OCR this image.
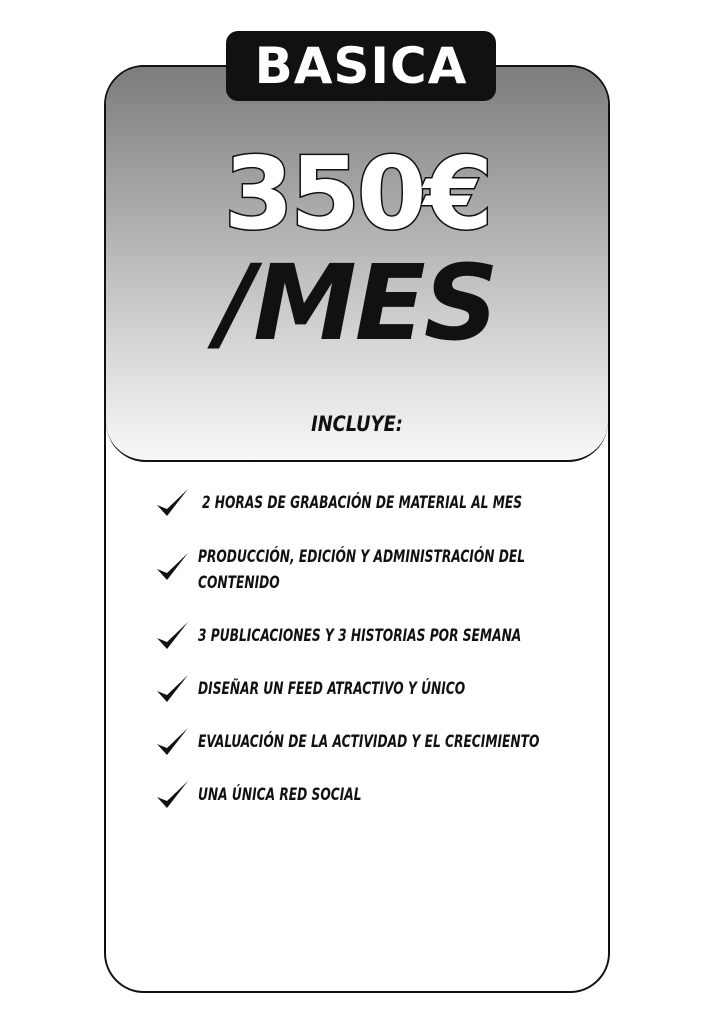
BASICA
350€
/MES
INCLUYE:
2 HORAS DE GRABACIÓN DE MATERIAL AL MES
PRODUCCIÓN, EDICIÓN Y ADMINISTRACIÓN DEL
CONTENIDO
3 PUBLICACIONES Y 3 HISTORIAS POR SEMANA
DISEÑAR UN FEED ATRACTIVO Y ÚNICO
EVALUACIÓN DE LA ACTIVIDAD Y EL CRECIMIENTO
UNA ÚNICA RED SOCIAL
